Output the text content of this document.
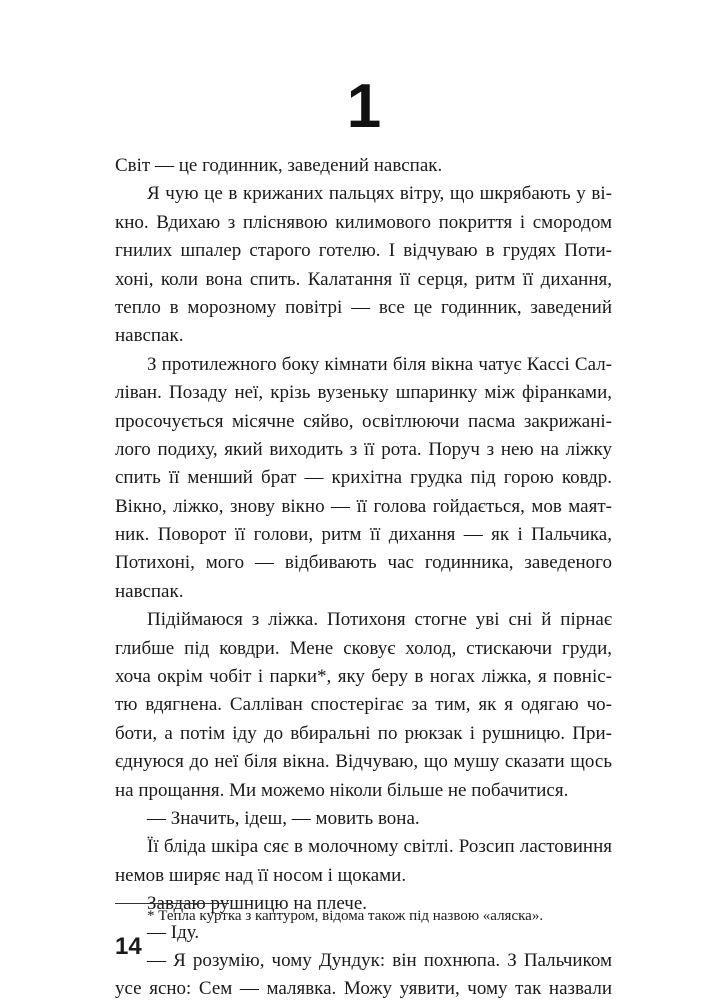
1
Світ — це годинник, заведений навспак.
Я чую це в крижаних пальцях вітру, що шкрябають у ві-
кно. Вдихаю з пліснявою килимового покриття і смородом
гнилих шпалер старого готелю. І відчуваю в грудях Поти-
хоні, коли вона спить. Калатання її серця, ритм її дихання,
тепло в морозному повітрі — все це годинник, заведений
навспак.
З протилежного боку кімнати біля вікна чатує Кассі Сал-
ліван. Позаду неї, крізь вузеньку шпаринку між фіранками,
просочується місячне сяйво, освітлюючи пасма закрижані-
лого подиху, який виходить з її рота. Поруч з нею на ліжку
спить її менший брат — крихітна грудка під горою ковдр.
Вікно, ліжко, знову вікно — її голова гойдається, мов маят-
ник. Поворот її голови, ритм її дихання — як і Пальчика,
Потихоні, мого — відбивають час годинника, заведеного
навспак.
Підіймаюся з ліжка. Потихоня стогне уві сні й пірнає
глибше під ковдри. Мене сковує холод, стискаючи груди,
хоча окрім чобіт і парки*, яку беру в ногах ліжка, я повніс-
тю вдягнена. Салліван спостерігає за тим, як я одягаю чо-
боти, а потім іду до вбиральні по рюкзак і рушницю. При-
єднуюся до неї біля вікна. Відчуваю, що мушу сказати щось
на прощання. Ми можемо ніколи більше не побачитися.
— Значить, ідеш, — мовить вона.
Її бліда шкіра сяє в молочному світлі. Розсип ластовиння
немов ширяє над її носом і щоками.
Завдаю рушницю на плече.
— Іду.
— Я розумію, чому Дундук: він похнюпа. З Пальчиком
усе ясно: Сем — малявка. Можу уявити, чому так назвали
* Тепла куртка з каптуром, відома також під назвою «аляска».
14
